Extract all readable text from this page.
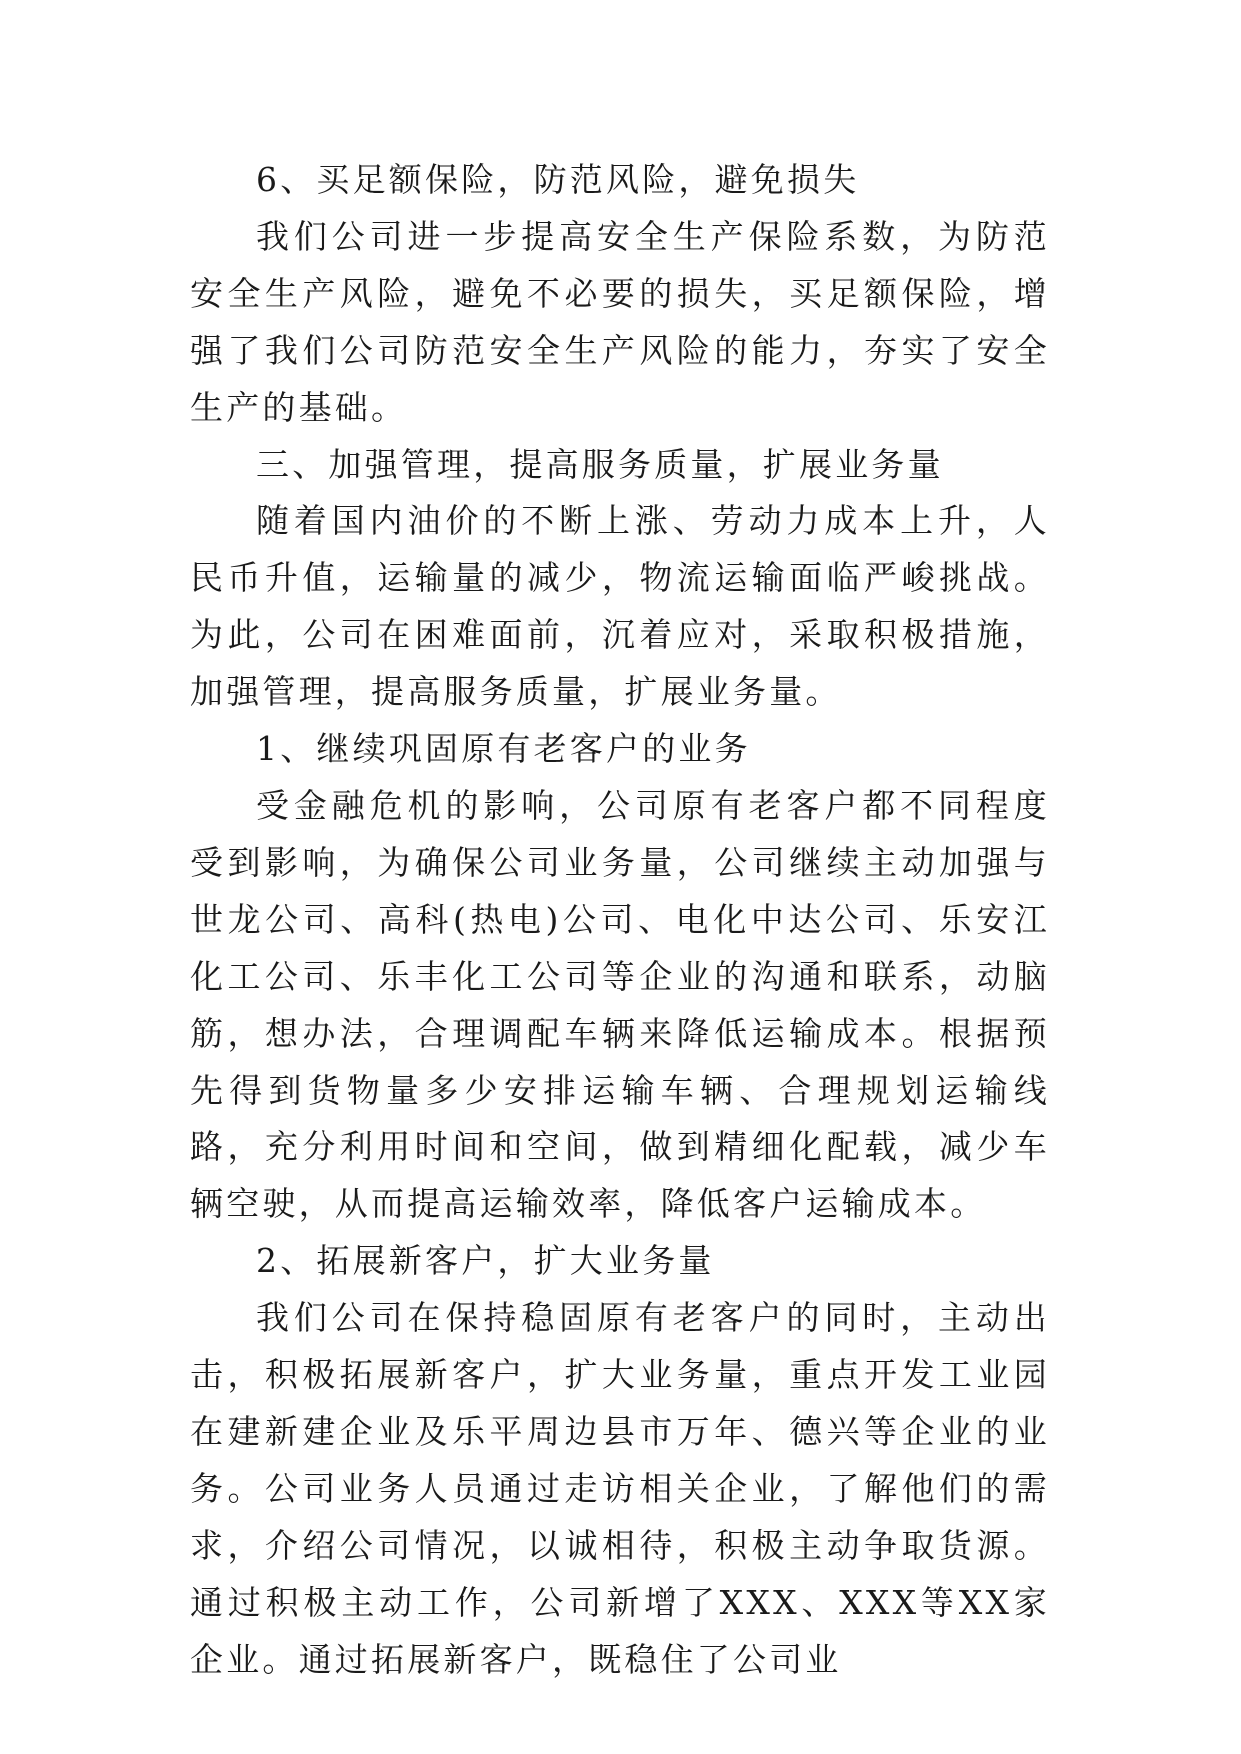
6、买足额保险，防范风险，避免损失

我们公司进一步提高安全生产保险系数，为防范安全生产风险，避免不必要的损失，买足额保险，增强了我们公司防范安全生产风险的能力，夯实了安全生产的基础。

三、加强管理，提高服务质量，扩展业务量

随着国内油价的不断上涨、劳动力成本上升，人民币升值，运输量的减少，物流运输面临严峻挑战。为此，公司在困难面前，沉着应对，采取积极措施，加强管理，提高服务质量，扩展业务量。

1、继续巩固原有老客户的业务

受金融危机的影响，公司原有老客户都不同程度受到影响，为确保公司业务量，公司继续主动加强与世龙公司、高科(热电)公司、电化中达公司、乐安江化工公司、乐丰化工公司等企业的沟通和联系，动脑筋，想办法，合理调配车辆来降低运输成本。根据预先得到货物量多少安排运输车辆、合理规划运输线路，充分利用时间和空间，做到精细化配载，减少车辆空驶，从而提高运输效率，降低客户运输成本。

2、拓展新客户，扩大业务量

我们公司在保持稳固原有老客户的同时，主动出击，积极拓展新客户，扩大业务量，重点开发工业园在建新建企业及乐平周边县市万年、德兴等企业的业务。公司业务人员通过走访相关企业，了解他们的需求，介绍公司情况，以诚相待，积极主动争取货源。通过积极主动工作，公司新增了XXX、XXX等XX家企业。通过拓展新客户，既稳住了公司业
